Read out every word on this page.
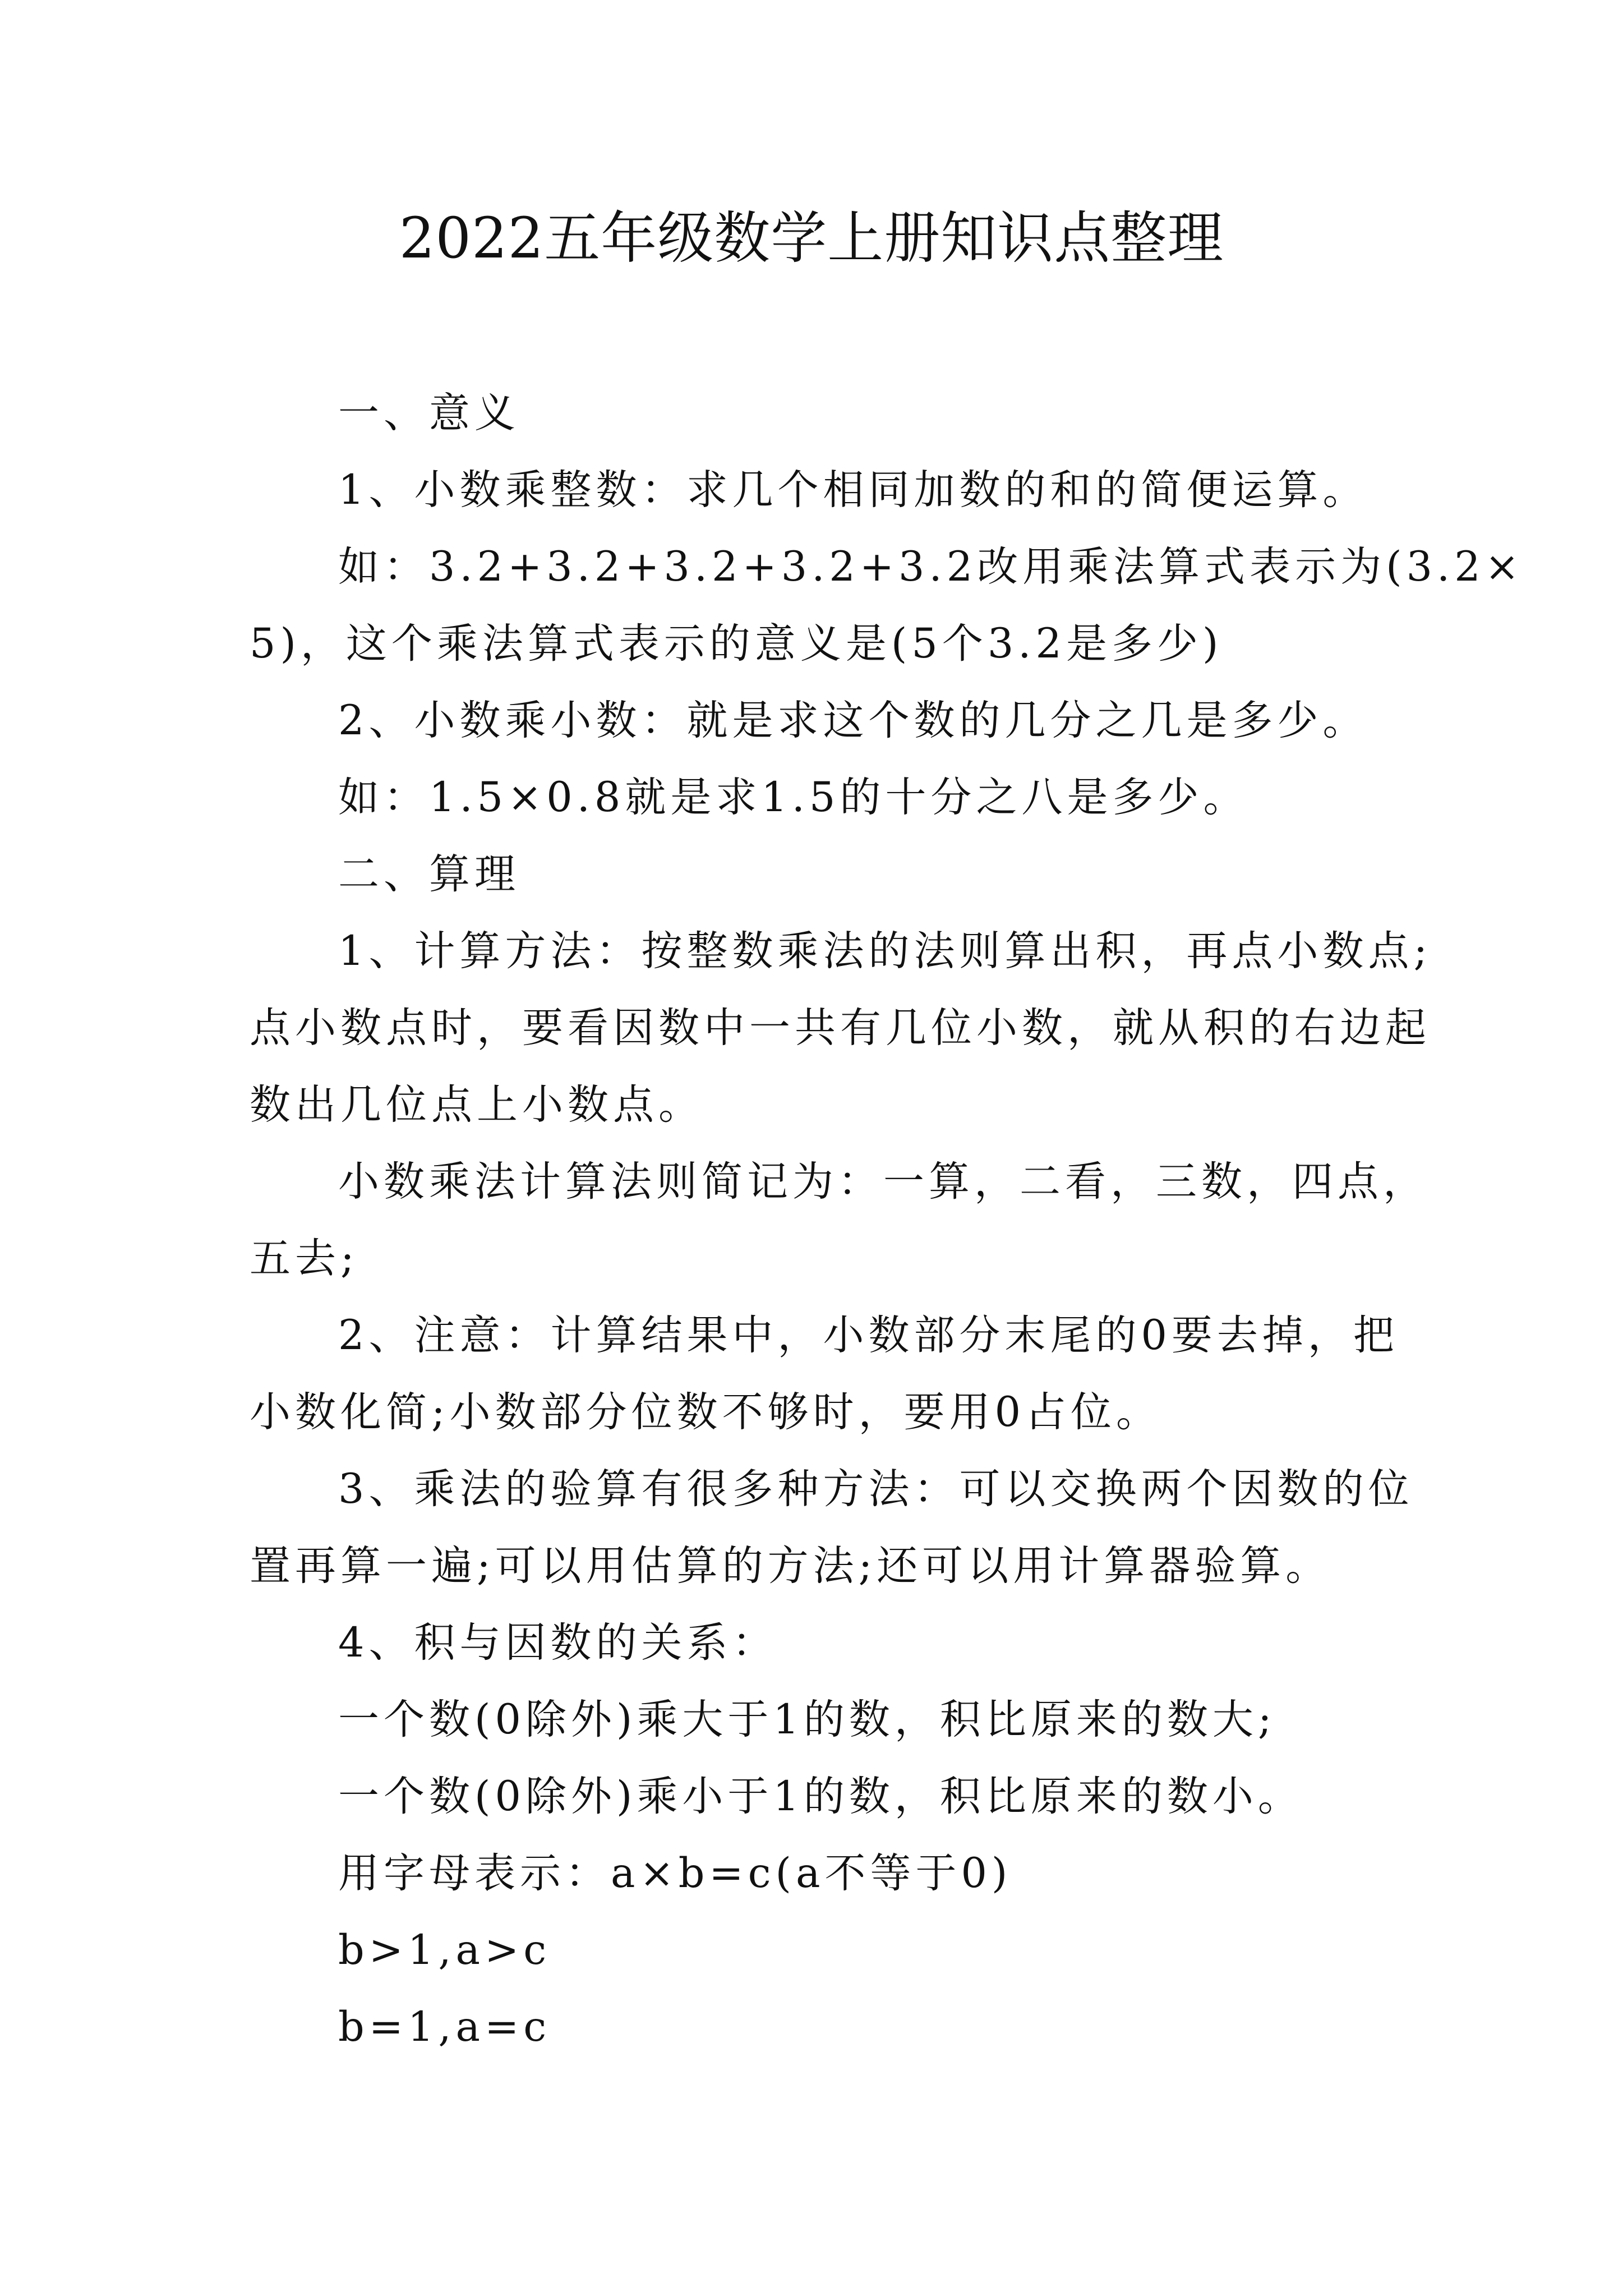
2022五年级数学上册知识点整理
一、意义
1、小数乘整数：求几个相同加数的和的简便运算。
如：3.2+3.2+3.2+3.2+3.2改用乘法算式表示为(3.2×
5)，这个乘法算式表示的意义是(5个3.2是多少)
2、小数乘小数：就是求这个数的几分之几是多少。
如：1.5×0.8就是求1.5的十分之八是多少。
二、算理
1、计算方法：按整数乘法的法则算出积，再点小数点;
点小数点时，要看因数中一共有几位小数，就从积的右边起
数出几位点上小数点。
小数乘法计算法则简记为：一算，二看，三数，四点，
五去;
2、注意：计算结果中，小数部分末尾的0要去掉，把
小数化简;小数部分位数不够时，要用0占位。
3、乘法的验算有很多种方法：可以交换两个因数的位
置再算一遍;可以用估算的方法;还可以用计算器验算。
4、积与因数的关系：
一个数(0除外)乘大于1的数，积比原来的数大;
一个数(0除外)乘小于1的数，积比原来的数小。
用字母表示：a×b=c(a不等于0)
b>1,a>c
b=1,a=c
